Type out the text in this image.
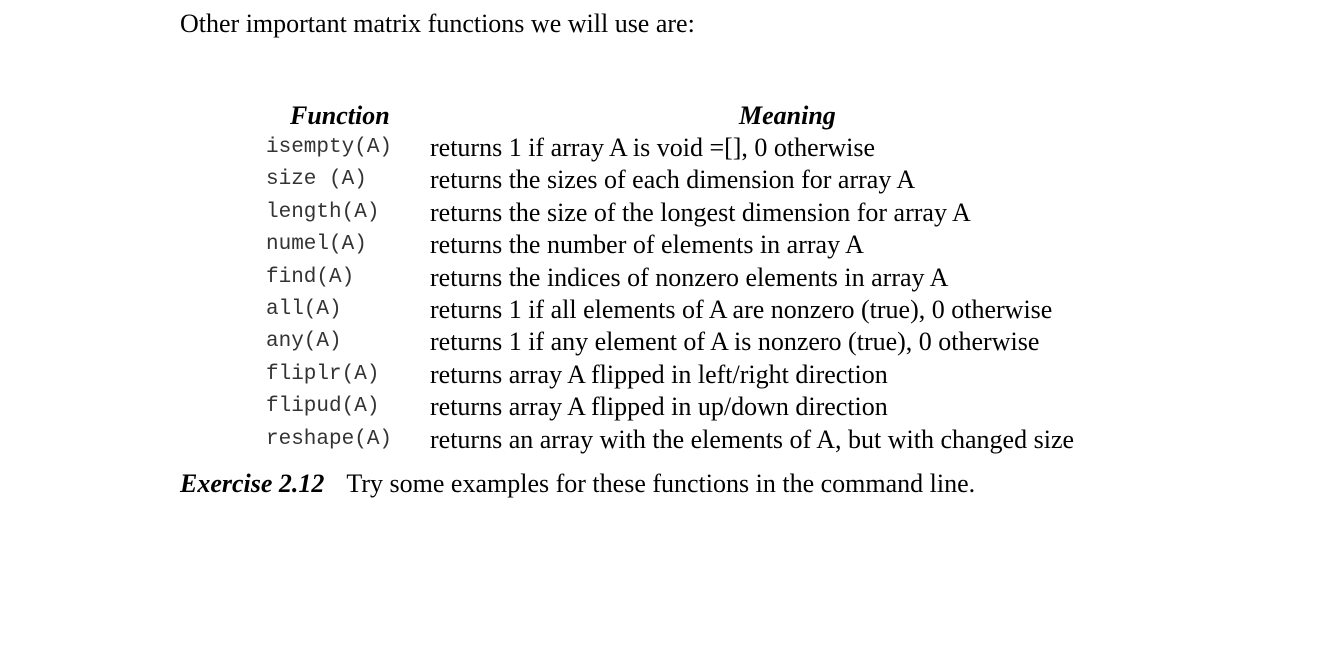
Other important matrix functions we will use are:
Function	Meaning
isempty(A) returns 1 if array A is void =[], 0 otherwise
size (A) returns the sizes of each dimension for array A
length(A) returns the size of the longest dimension for array A
numel(A) returns the number of elements in array A
find(A)	returns the indices of nonzero elements in array A
all(A)	returns 1 if all elements of A are nonzero (true), 0 otherwise
any(A)	returns 1 if any element of A is nonzero (true), 0 otherwise
fliplr(A) returns array A flipped in left/right direction
flipud(A) returns array A flipped in up/down direction
reshape(A) returns an array with the elements of A, but with changed size
Exercise 2.12 Try some examples for these functions in the command line.
